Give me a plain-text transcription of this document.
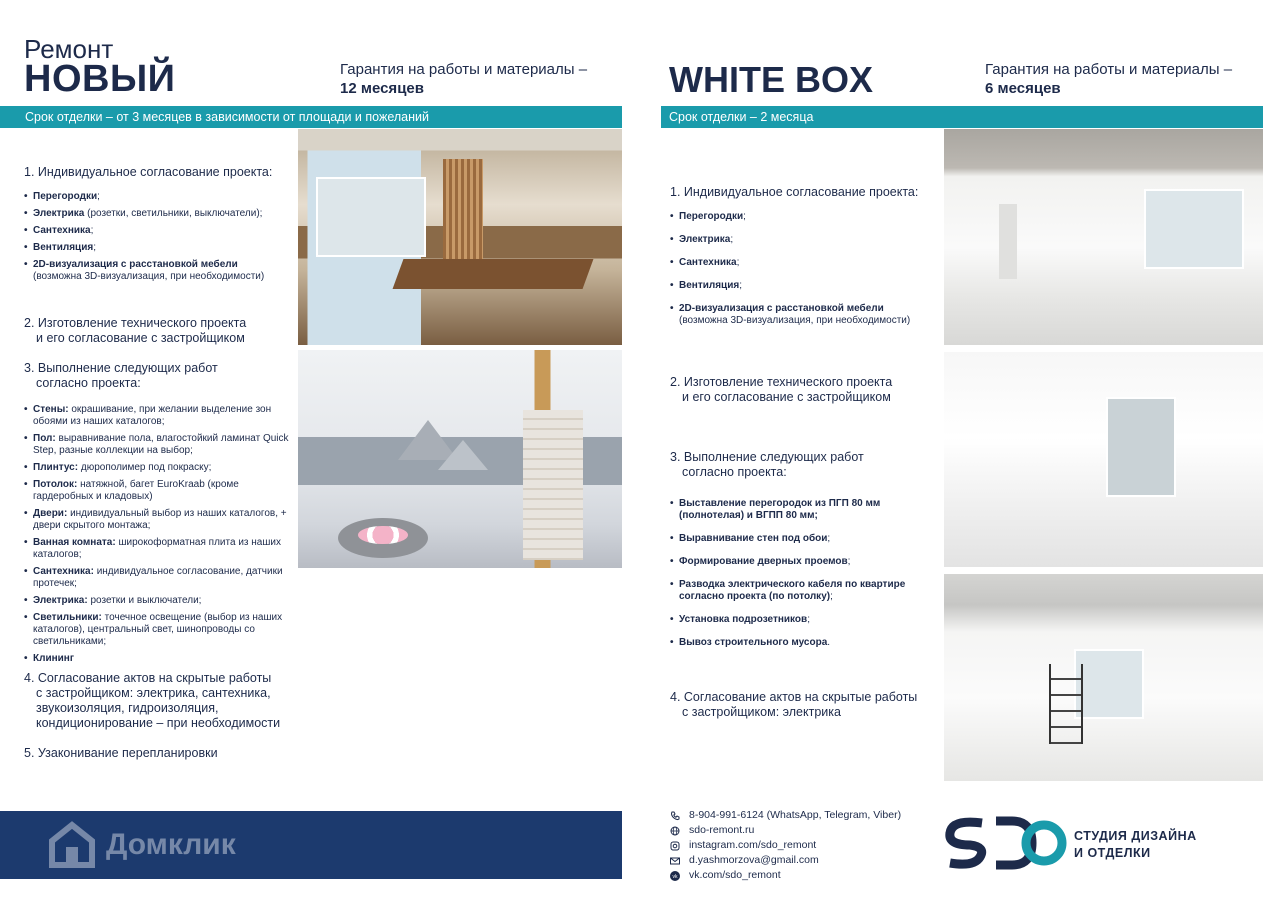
Ремонт
НОВЫЙ	Гарантия на работы и материалы –
12 месяцев
Срок отделки – от 3 месяцев в зависимости от площади и пожеланий
1. Индивидуальное согласование проекта:
• Перегородки;
• Электрика (розетки, светильники, выключатели);
• Сантехника;
• Вентиляция;
• 2D-визуализация с расстановкой мебели
(возможна 3D-визуализация, при необходимости)
2. Изготовление технического проекта
и его согласование с застройщиком
3. Выполнение следующих работ
согласно проекта:
• Стены: окрашивание, при желании выделение зон обоями из наших каталогов;
• Пол: выравнивание пола, влагостойкий ламинат Quick Step, разные коллекции на выбор;
• Плинтус: дюрополимер под покраску;
• Потолок: натяжной, багет EuroKraab (кроме гардеробных и кладовых)
• Двери: индивидуальный выбор из наших каталогов, + двери скрытого монтажа;
• Ванная комната: широкоформатная плита из наших каталогов;
• Сантехника: индивидуальное согласование, датчики протечек;
• Электрика: розетки и выключатели;
• Светильники: точечное освещение (выбор из наших каталогов), центральный свет, шинопроводы со светильниками;
• Клининг
4. Согласование актов на скрытые работы
с застройщиком: электрика, сантехника,
звукоизоляция, гидроизоляция,
кондиционирование – при необходимости
5. Узаконивание перепланировки
WHITE BOX	Гарантия на работы и материалы –
6 месяцев
Срок отделки – 2 месяца
1. Индивидуальное согласование проекта:
• Перегородки;
• Электрика;
• Сантехника;
• Вентиляция;
• 2D-визуализация с расстановкой мебели
(возможна 3D-визуализация, при необходимости)
2. Изготовление технического проекта
и его согласование с застройщиком
3. Выполнение следующих работ
согласно проекта:
• Выставление перегородок из ПГП 80 мм (полнотелая) и ВГПП 80 мм;
• Выравнивание стен под обои;
• Формирование дверных проемов;
• Разводка электрического кабеля по квартире согласно проекта (по потолку);
• Установка подрозетников;
• Вывоз строительного мусора.
4. Согласование актов на скрытые работы
с застройщиком: электрика
Домклик
8-904-991-6124 (WhatsApp, Telegram, Viber)
sdo-remont.ru
instagram.com/sdo_remont
d.yashmorzova@gmail.com
vk vk.com/sdo_remont
СТУДИЯ ДИЗАЙНА
И ОТДЕЛКИ
